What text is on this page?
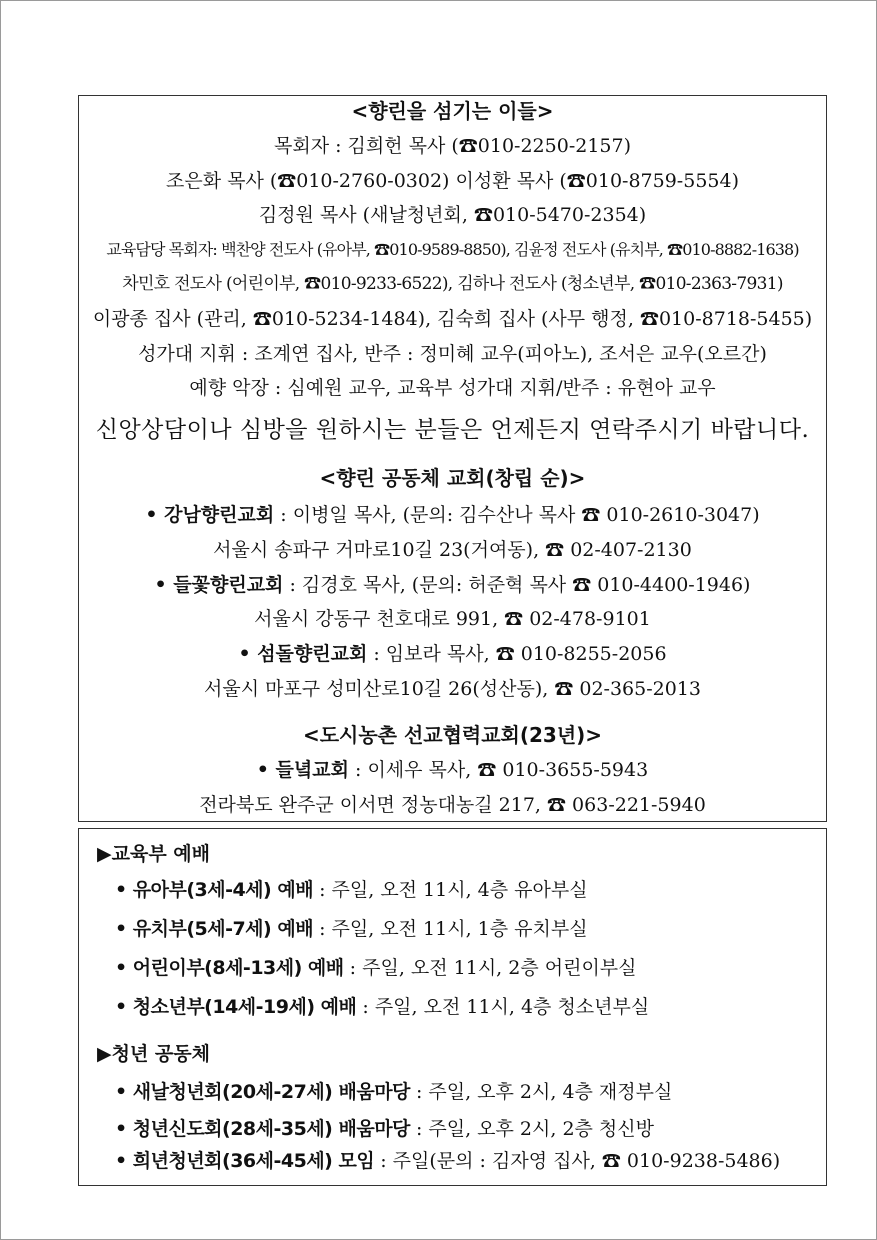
<향린을 섬기는 이들>
목회자 : 김희헌 목사 (☎010-2250-2157)
조은화 목사 (☎010-2760-0302) 이성환 목사 (☎010-8759-5554)
김정원 목사 (새날청년회, ☎010-5470-2354)
교육담당 목회자: 백찬양 전도사 (유아부, ☎010-9589-8850), 김윤정 전도사 (유치부, ☎010-8882-1638)
차민호 전도사 (어린이부, ☎010-9233-6522), 김하나 전도사 (청소년부, ☎010-2363-7931)
이광종 집사 (관리, ☎010-5234-1484), 김숙희 집사 (사무 행정, ☎010-8718-5455)
성가대 지휘 : 조계연 집사, 반주 : 정미혜 교우(피아노), 조서은 교우(오르간)
예향 악장 : 심예원 교우, 교육부 성가대 지휘/반주 : 유현아 교우
신앙상담이나 심방을 원하시는 분들은 언제든지 연락주시기 바랍니다.
<향린 공동체 교회(창립 순)>
• 강남향린교회 : 이병일 목사, (문의: 김수산나 목사 ☎ 010-2610-3047)
서울시 송파구 거마로10길 23(거여동), ☎ 02-407-2130
• 들꽃향린교회 : 김경호 목사, (문의: 허준혁 목사 ☎ 010-4400-1946)
서울시 강동구 천호대로 991, ☎ 02-478-9101
• 섬돌향린교회 : 임보라 목사, ☎ 010-8255-2056
서울시 마포구 성미산로10길 26(성산동), ☎ 02-365-2013
<도시농촌 선교협력교회(23년)>
• 들녘교회 : 이세우 목사, ☎ 010-3655-5943
전라북도 완주군 이서면 정농대농길 217, ☎ 063-221-5940
▶교육부 예배
• 유아부(3세-4세) 예배 : 주일, 오전 11시, 4층 유아부실
• 유치부(5세-7세) 예배 : 주일, 오전 11시, 1층 유치부실
• 어린이부(8세-13세) 예배 : 주일, 오전 11시, 2층 어린이부실
• 청소년부(14세-19세) 예배 : 주일, 오전 11시, 4층 청소년부실
▶청년 공동체
• 새날청년회(20세-27세) 배움마당 : 주일, 오후 2시, 4층 재정부실
• 청년신도회(28세-35세) 배움마당 : 주일, 오후 2시, 2층 청신방
• 희년청년회(36세-45세) 모임 : 주일(문의 : 김자영 집사, ☎ 010-9238-5486)
